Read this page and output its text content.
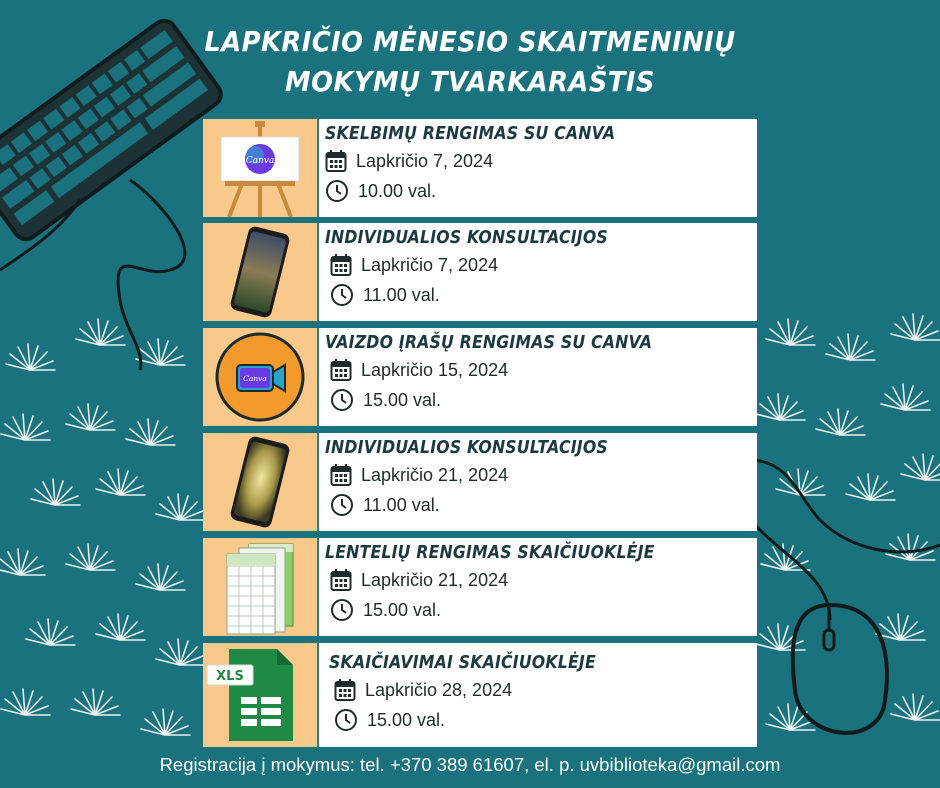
LAPKRIČIO MĖNESIO SKAITMENINIŲ
MOKYMŲ TVARKARAŠTIS
Canva
SKELBIMŲ RENGIMAS SU CANVA
Lapkričio 7, 2024
10.00 val.
INDIVIDUALIOS KONSULTACIJOS
Lapkričio 7, 2024
11.00 val.
Canva
VAIZDO ĮRAŠŲ RENGIMAS SU CANVA
Lapkričio 15, 2024
15.00 val.
INDIVIDUALIOS KONSULTACIJOS
Lapkričio 21, 2024
11.00 val.
LENTELIŲ RENGIMAS SKAIČIUOKLĖJE
Lapkričio 21, 2024
15.00 val.
XLS
SKAIČIAVIMAI SKAIČIUOKLĖJE
Lapkričio 28, 2024
15.00 val.
Registracija į mokymus: tel. +370 389 61607, el. p. uvbiblioteka@gmail.com
